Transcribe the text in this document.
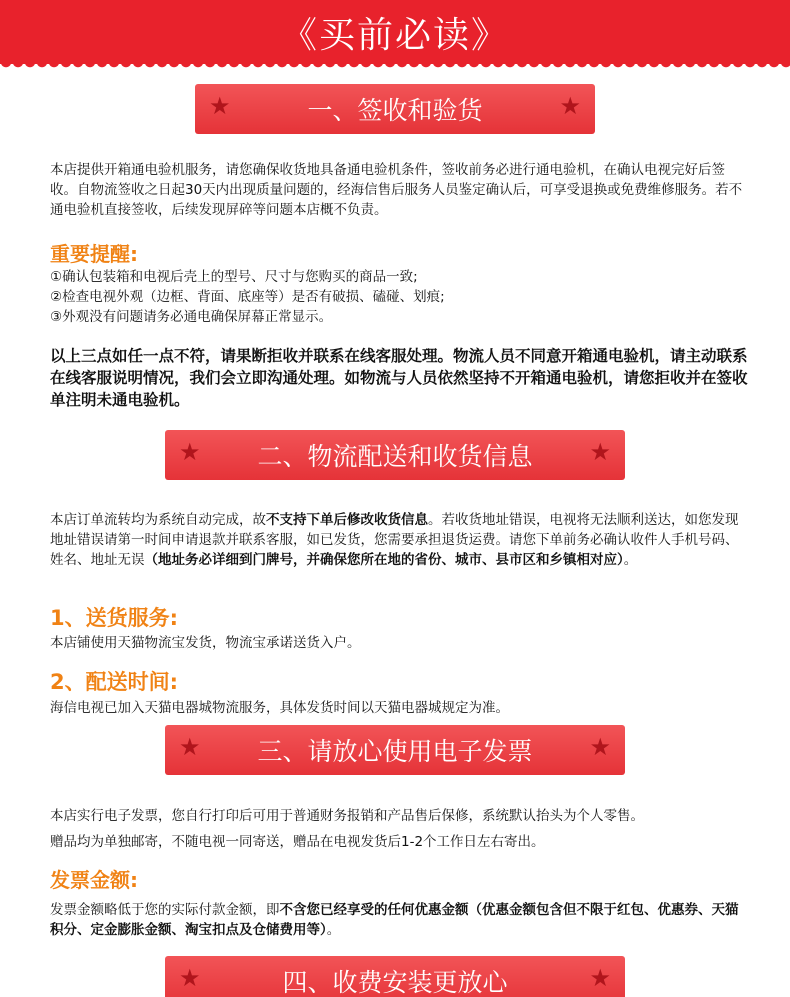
《买前必读》
★	一、签收和验货	★
本店提供开箱通电验机服务，请您确保收货地具备通电验机条件，签收前务必进行通电验机，在确认电视完好后签收。自物流签收之日起30天内出现质量问题的，经海信售后服务人员鉴定确认后，可享受退换或免费维修服务。若不通电验机直接签收，后续发现屏碎等问题本店概不负责。
重要提醒:
①确认包装箱和电视后壳上的型号、尺寸与您购买的商品一致;
②检查电视外观（边框、背面、底座等）是否有破损、磕碰、划痕;
③外观没有问题请务必通电确保屏幕正常显示。
以上三点如任一点不符，请果断拒收并联系在线客服处理。物流人员不同意开箱通电验机，请主动联系在线客服说明情况，我们会立即沟通处理。如物流与人员依然坚持不开箱通电验机，请您拒收并在签收单注明未通电验机。
★ 二、物流配送和收货信息 ★
本店订单流转均为系统自动完成，故不支持下单后修改收货信息。若收货地址错误，电视将无法顺利送达，如您发现地址错误请第一时间申请退款并联系客服，如已发货，您需要承担退货运费。请您下单前务必确认收件人手机号码、姓名、地址无误（地址务必详细到门牌号，并确保您所在地的省份、城市、县市区和乡镇相对应）。
1、送货服务:
本店铺使用天猫物流宝发货，物流宝承诺送货入户。
2、配送时间:
海信电视已加入天猫电器城物流服务，具体发货时间以天猫电器城规定为准。
★ 三、请放心使用电子发票 ★
本店实行电子发票，您自行打印后可用于普通财务报销和产品售后保修，系统默认抬头为个人零售。
赠品均为单独邮寄，不随电视一同寄送，赠品在电视发货后1-2个工作日左右寄出。
发票金额:
发票金额略低于您的实际付款金额，即不含您已经享受的任何优惠金额（优惠金额包含但不限于红包、优惠券、天猫积分、定金膨胀金额、淘宝扣点及仓储费用等）。
★	四、收费安装更放心	★
